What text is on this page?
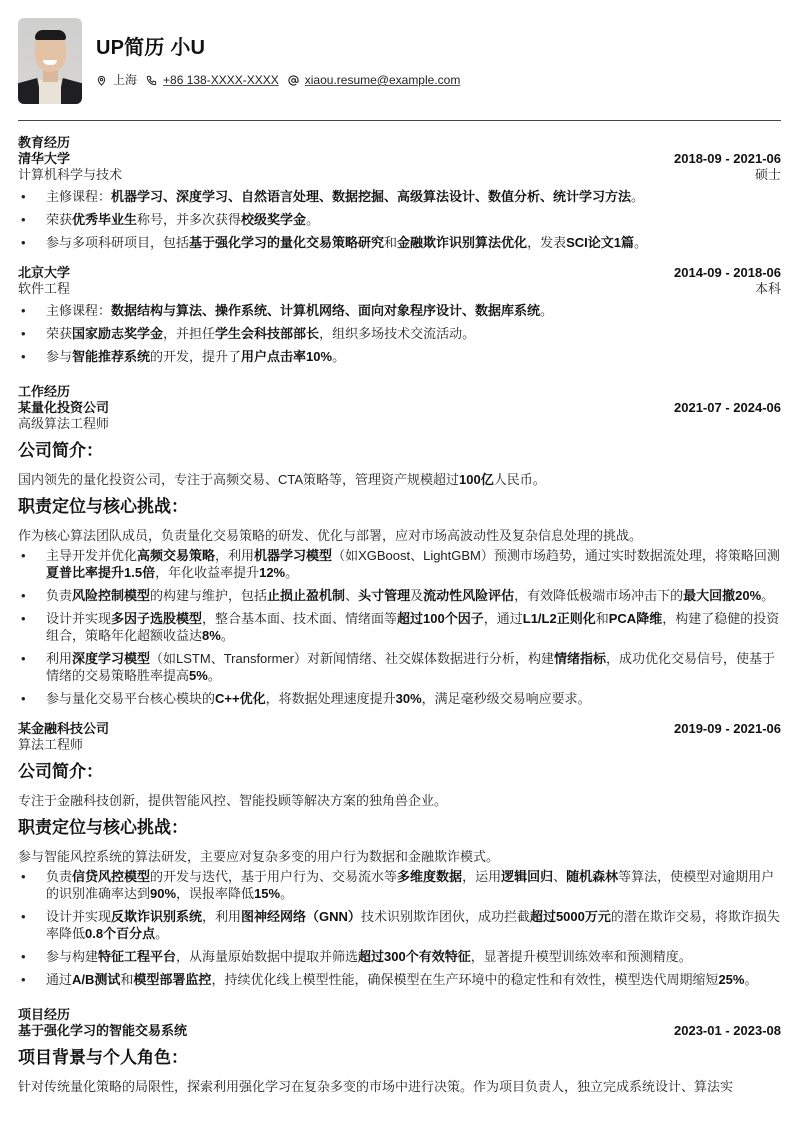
UP简历 小U
上海 +86 138-XXXX-XXXX xiaou.resume@example.com
教育经历
清华大学
计算机科学与技术
2018-09 - 2021-06
硕士
• 主修课程：机器学习、深度学习、自然语言处理、数据挖掘、高级算法设计、数值分析、统计学习方法。
• 荣获优秀毕业生称号，并多次获得校级奖学金。
• 参与多项科研项目，包括基于强化学习的量化交易策略研究和金融欺诈识别算法优化，发表SCI论文1篇。
北京大学
软件工程
2014-09 - 2018-06
本科
• 主修课程：数据结构与算法、操作系统、计算机网络、面向对象程序设计、数据库系统。
• 荣获国家励志奖学金，并担任学生会科技部部长，组织多场技术交流活动。
• 参与智能推荐系统的开发，提升了用户点击率10%。
工作经历
某量化投资公司
高级算法工程师
2021-07 - 2024-06
公司简介：
国内领先的量化投资公司，专注于高频交易、CTA策略等，管理资产规模超过100亿人民币。
职责定位与核心挑战：
作为核心算法团队成员，负责量化交易策略的研发、优化与部署，应对市场高波动性及复杂信息处理的挑战。
• 主导开发并优化高频交易策略，利用机器学习模型（如XGBoost、LightGBM）预测市场趋势，通过实时数据流处理，将策略回测夏普比率提升1.5倍，年化收益率提升12%。
• 负责风险控制模型的构建与维护，包括止损止盈机制、头寸管理及流动性风险评估，有效降低极端市场冲击下的最大回撤20%。
• 设计并实现多因子选股模型，整合基本面、技术面、情绪面等超过100个因子，通过L1/L2正则化和PCA降维，构建了稳健的投资组合，策略年化超额收益达8%。
• 利用深度学习模型（如LSTM、Transformer）对新闻情绪、社交媒体数据进行分析，构建情绪指标，成功优化交易信号，使基于情绪的交易策略胜率提高5%。
• 参与量化交易平台核心模块的C++优化，将数据处理速度提升30%，满足毫秒级交易响应要求。
某金融科技公司
算法工程师
2019-09 - 2021-06
公司简介：
专注于金融科技创新，提供智能风控、智能投顾等解决方案的独角兽企业。
职责定位与核心挑战：
参与智能风控系统的算法研发，主要应对复杂多变的用户行为数据和金融欺诈模式。
• 负责信贷风控模型的开发与迭代，基于用户行为、交易流水等多维度数据，运用逻辑回归、随机森林等算法，使模型对逾期用户的识别准确率达到90%，误报率降低15%。
• 设计并实现反欺诈识别系统，利用图神经网络（GNN）技术识别欺诈团伙，成功拦截超过5000万元的潜在欺诈交易，将欺诈损失率降低0.8个百分点。
• 参与构建特征工程平台，从海量原始数据中提取并筛选超过300个有效特征，显著提升模型训练效率和预测精度。
• 通过A/B测试和模型部署监控，持续优化线上模型性能，确保模型在生产环境中的稳定性和有效性，模型迭代周期缩短25%。
项目经历
基于强化学习的智能交易系统	2023-01 - 2023-08
项目背景与个人角色：
针对传统量化策略的局限性，探索利用强化学习在复杂多变的市场中进行决策。作为项目负责人，独立完成系统设计、算法实
